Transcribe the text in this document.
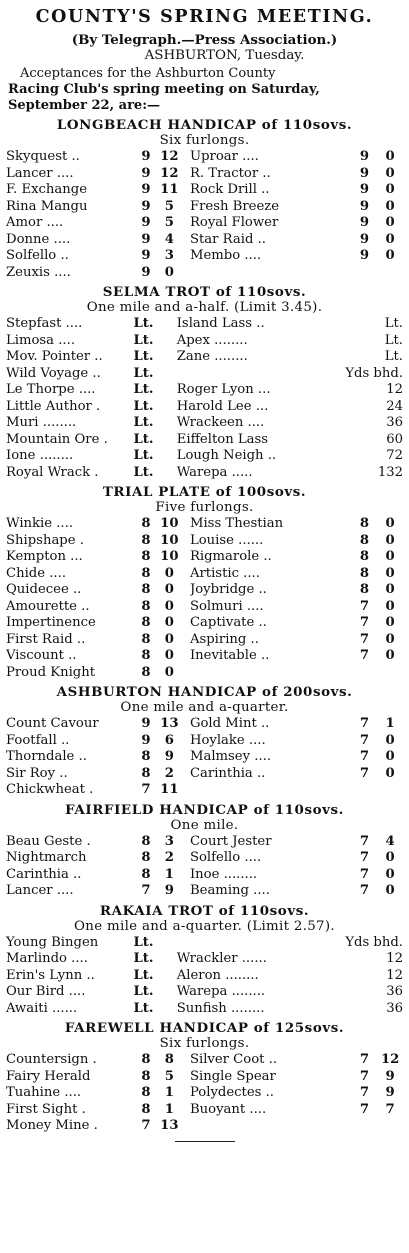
COUNTY'S SPRING MEETING.
(By Telegraph.—Press Association.)
ASHBURTON, Tuesday.
Acceptances for the Ashburton County
Racing Club's spring meeting on Saturday,
September 22, are:—
LONGBEACH HANDICAP of 110sovs.
Six furlongs.
Skyquest ..	9	12		Uproar ....	9	0
Lancer ....	9	12		R. Tractor ..	9	0
F. Exchange	9	11		Rock Drill ..	9	0
Rina Mangu	9	5		Fresh Breeze	9	0
Amor ....	9	5		Royal Flower	9	0
Donne ....	9	4		Star Raid ..	9	0
Solfello ..	9	3		Membo ....	9	0
Zeuxis ....	9	0				
SELMA TROT of 110sovs.
One mile and a-half. (Limit 3.45).
Stepfast ....	Lt.	Island Lass ..	Lt.
Limosa ....	Lt.	Apex ........	Lt.
Mov. Pointer ..	Lt.	Zane ........	Lt.
Wild Voyage ..	Lt.		Yds bhd.
Le Thorpe ....	Lt.	Roger Lyon ...	12
Little Author .	Lt.	Harold Lee ...	24
Muri ........	Lt.	Wrackeen ....	36
Mountain Ore .	Lt.	Eiffelton Lass	60
Ione ........	Lt.	Lough Neigh ..	72
Royal Wrack .	Lt.	Warepa .....	132
TRIAL PLATE of 100sovs.
Five furlongs.
Winkie ....	8	10		Miss Thestian	8	0
Shipshape .	8	10		Louise ......	8	0
Kempton ...	8	10		Rigmarole ..	8	0
Chide ....	8	0		Artistic ....	8	0
Quidecee ..	8	0		Joybridge ..	8	0
Amourette ..	8	0		Solmuri ....	7	0
Impertinence	8	0		Captivate ..	7	0
First Raid ..	8	0		Aspiring ..	7	0
Viscount ..	8	0		Inevitable ..	7	0
Proud Knight	8	0				
ASHBURTON HANDICAP of 200sovs.
One mile and a-quarter.
Count Cavour	9	13		Gold Mint ..	7	1
Footfall ..	9	6		Hoylake ....	7	0
Thorndale ..	8	9		Malmsey ....	7	0
Sir Roy ..	8	2		Carinthia ..	7	0
Chickwheat .	7	11				
FAIRFIELD HANDICAP of 110sovs.
One mile.
Beau Geste .	8	3		Court Jester	7	4
Nightmarch	8	2		Solfello ....	7	0
Carinthia ..	8	1		Inoe ........	7	0
Lancer ....	7	9		Beaming ....	7	0
RAKAIA TROT of 110sovs.
One mile and a-quarter. (Limit 2.57).
Young Bingen	Lt.		Yds bhd.
Marlindo ....	Lt.	Wrackler ......	12
Erin's Lynn ..	Lt.	Aleron ........	12
Our Bird ....	Lt.	Warepa ........	36
Awaiti ......	Lt.	Sunfish ........	36
FAREWELL HANDICAP of 125sovs.
Six furlongs.
Countersign .	8	8		Silver Coot ..	7	12
Fairy Herald	8	5		Single Spear	7	9
Tuahine ....	8	1		Polydectes ..	7	9
First Sight .	8	1		Buoyant ....	7	7
Money Mine .	7	13				
